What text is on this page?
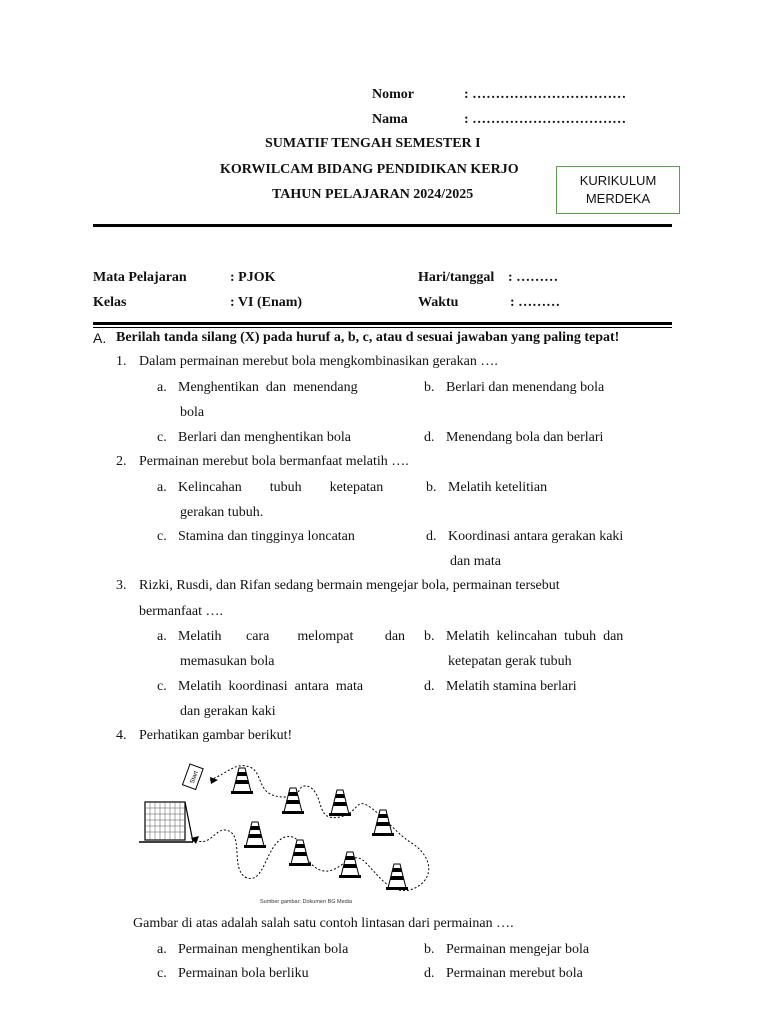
Nomor	: ……………………………
Nama	: ……………………………
SUMATIF TENGAH SEMESTER I
KORWILCAM BIDANG PENDIDIKAN KERJO
TAHUN PELAJARAN 2024/2025
KURIKULUM
MERDEKA
Mata Pelajaran	: PJOK	Hari/tanggal : ………
Kelas	: VI (Enam)	Waktu	: ………
A. Berilah tanda silang (X) pada huruf a, b, c, atau d sesuai jawaban yang paling tepat!
1. Dalam permainan merebut bola mengkombinasikan gerakan ….
a. Menghentikan  dan  menendang
bola
b. Berlari dan menendang bola
c. Berlari dan menghentikan bola	d. Menendang bola dan berlari
2. Permainan merebut bola bermanfaat melatih ….
a. Kelincahan        tubuh        ketepatan
gerakan tubuh.
b. Melatih ketelitian
c. Stamina dan tingginya loncatan	d. Koordinasi antara gerakan kaki
dan mata
3. Rizki, Rusdi, dan Rifan sedang bermain mengejar bola, permainan tersebut
bermanfaat ….
a. Melatih       cara        melompat         dan
memasukan bola
b. Melatih  kelincahan  tubuh  dan
ketepatan gerak tubuh
c. Melatih  koordinasi  antara  mata
dan gerakan kaki
d. Melatih stamina berlari
4. Perhatikan gambar berikut!
Start
Sumber gambar: Dokumen BG Media
Gambar di atas adalah salah satu contoh lintasan dari permainan ….
a. Permainan menghentikan bola	b. Permainan mengejar bola
c. Permainan bola berliku	d. Permainan merebut bola
